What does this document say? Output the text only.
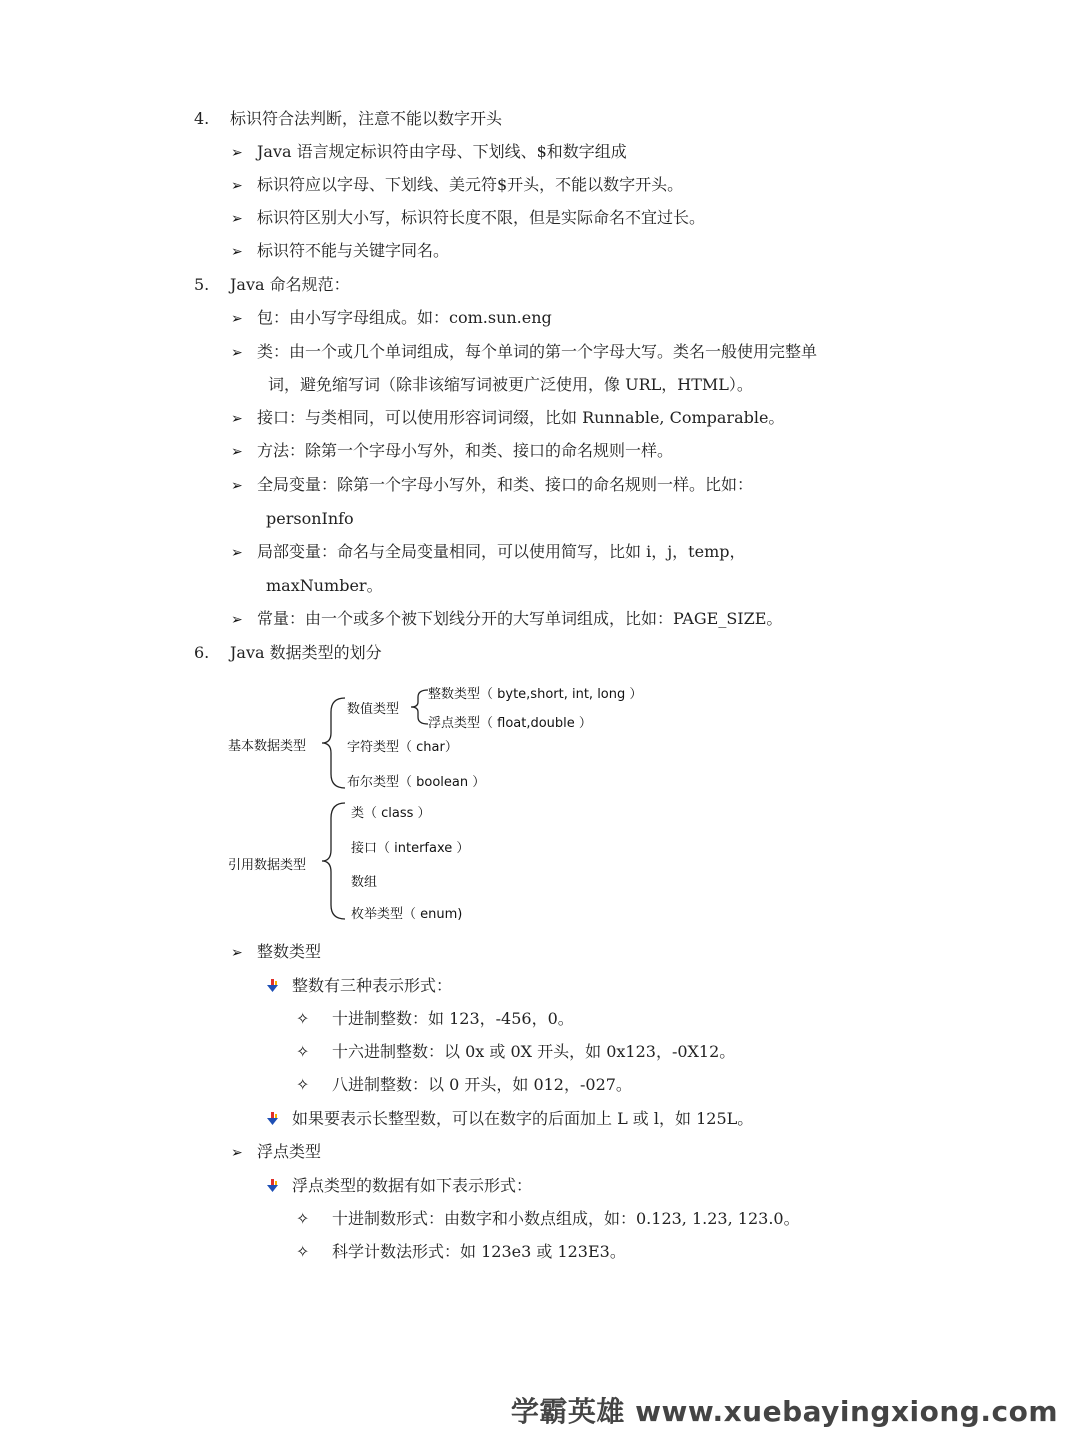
4. 标识符合法判断，注意不能以数字开头
➢ Java 语言规定标识符由字母、下划线、$和数字组成
➢ 标识符应以字母、下划线、美元符$开头，不能以数字开头。
➢ 标识符区别大小写，标识符长度不限，但是实际命名不宜过长。
➢ 标识符不能与关键字同名。
5. Java 命名规范：
➢ 包：由小写字母组成。如：com.sun.eng
➢ 类：由一个或几个单词组成，每个单词的第一个字母大写。类名一般使用完整单
词，避免缩写词（除非该缩写词被更广泛使用，像 URL，HTML）。
➢ 接口：与类相同，可以使用形容词词缀，比如 Runnable, Comparable。
➢ 方法：除第一个字母小写外，和类、接口的命名规则一样。
➢ 全局变量：除第一个字母小写外，和类、接口的命名规则一样。比如：
personInfo
➢ 局部变量：命名与全局变量相同，可以使用简写，比如 i，j，temp，
maxNumber。
➢ 常量：由一个或多个被下划线分开的大写单词组成，比如：PAGE_SIZE。
6. Java 数据类型的划分
基本数据类型
数值类型
整数类型（ byte,short, int, long ）
浮点类型（ float,double ）
字符类型（ char）
布尔类型（ boolean ）
引用数据类型
类（ class ）
接口（ interfaxe ）
数组
枚举类型（ enum)
➢ 整数类型
整数有三种表示形式：
✧ 十进制整数：如 123，-456，0。
✧ 十六进制整数：以 0x 或 0X 开头，如 0x123，-0X12。
✧ 八进制整数：以 0 开头，如 012，-027。
如果要表示长整型数，可以在数字的后面加上 L 或 l，如 125L。
➢ 浮点类型
浮点类型的数据有如下表示形式：
✧ 十进制数形式：由数字和小数点组成，如：0.123, 1.23, 123.0。
✧ 科学计数法形式：如 123e3 或 123E3。
学霸英雄 www.xuebayingxiong.com
